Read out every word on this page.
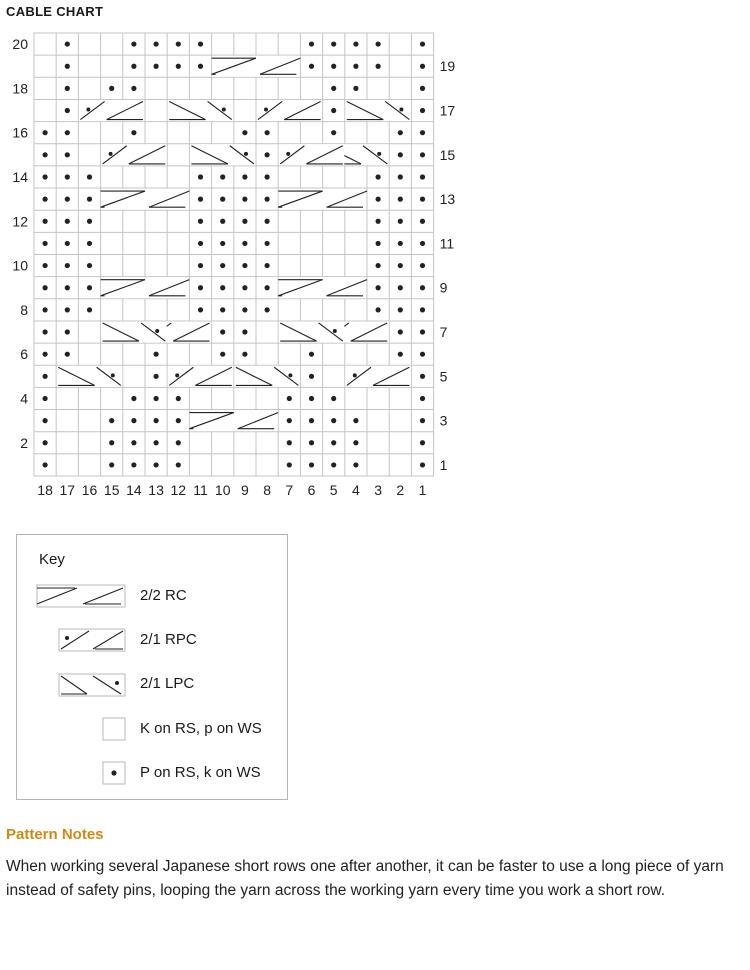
CABLE CHART
20
18
16
14
12
10
8
6
4
2
19
17
15
13
11
9
7
5
3
1
18 17 16 15 14 13 12 11 10 9 8 7 6 5 4 3 2 1
Key
2/2 RC
2/1 RPC
2/1 LPC
K on RS, p on WS
P on RS, k on WS
Pattern Notes
When working several Japanese short rows one after another, it can be faster to use a long piece of yarn instead of safety pins, looping the yarn across the working yarn every time you work a short row.
